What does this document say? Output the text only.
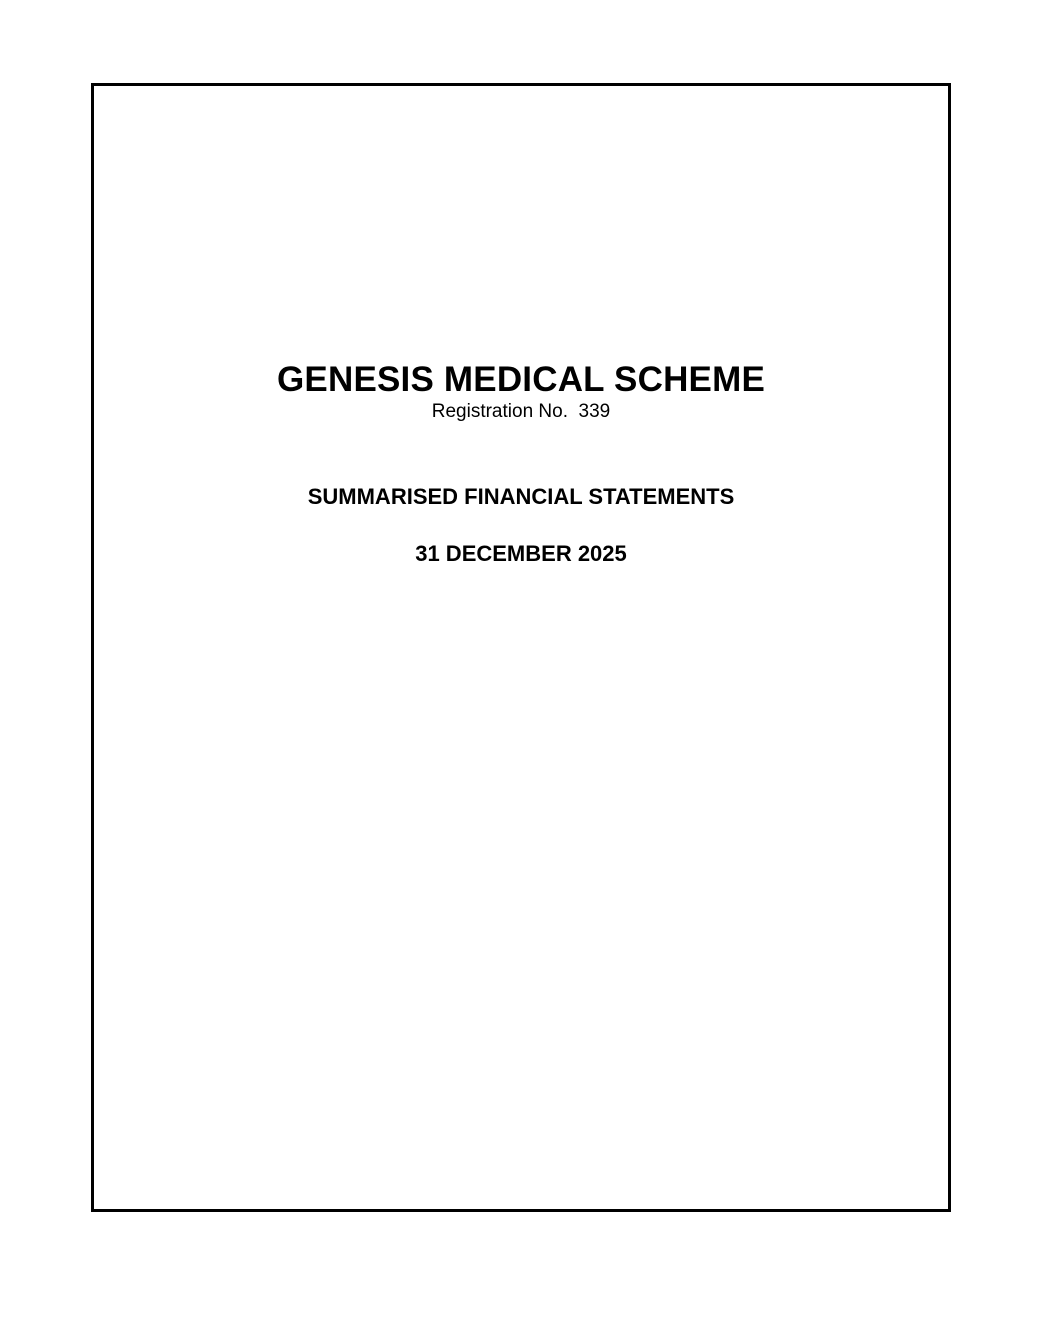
GENESIS MEDICAL SCHEME
Registration No.  339
SUMMARISED FINANCIAL STATEMENTS
31 DECEMBER 2025
